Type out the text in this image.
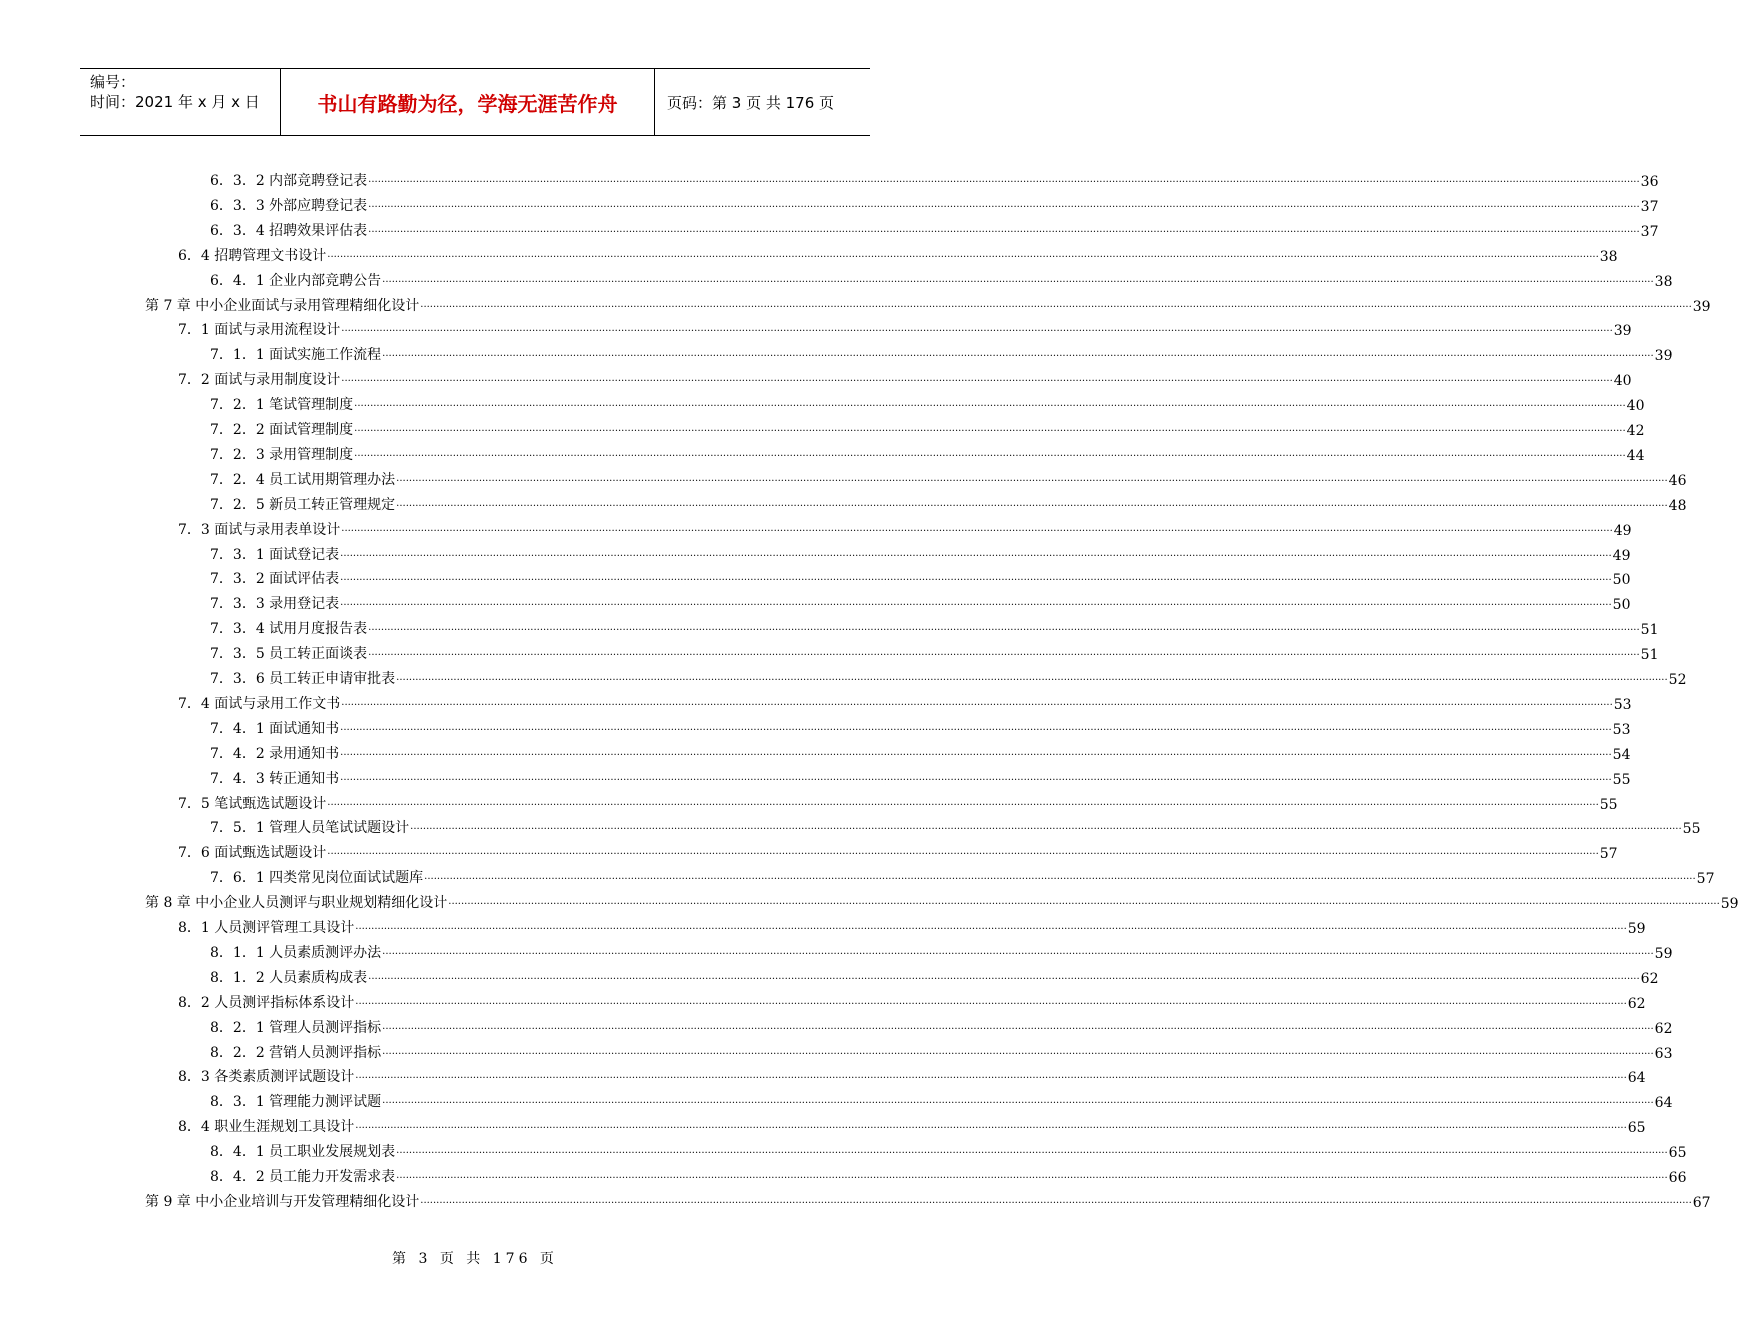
编号：
时间：2021 年 x 月 x 日	书山有路勤为径，学海无涯苦作舟	页码：第 3 页 共 176 页
6．3．2 内部竞聘登记表 ................................................................................................................................................................................................................................................................................................................................................................................................................ 36
6．3．3 外部应聘登记表 ................................................................................................................................................................................................................................................................................................................................................................................................................ 37
6．3．4 招聘效果评估表 ................................................................................................................................................................................................................................................................................................................................................................................................................ 37
6．4 招聘管理文书设计 ................................................................................................................................................................................................................................................................................................................................................................................................................ 38
6．4．1 企业内部竞聘公告 ................................................................................................................................................................................................................................................................................................................................................................................................................ 38
第 7 章 中小企业面试与录用管理精细化设计 ................................................................................................................................................................................................................................................................................................................................................................................................................ 39
7．1 面试与录用流程设计 ................................................................................................................................................................................................................................................................................................................................................................................................................ 39
7．1．1 面试实施工作流程 ................................................................................................................................................................................................................................................................................................................................................................................................................ 39
7．2 面试与录用制度设计 ................................................................................................................................................................................................................................................................................................................................................................................................................ 40
7．2．1 笔试管理制度 ................................................................................................................................................................................................................................................................................................................................................................................................................ 40
7．2．2 面试管理制度 ................................................................................................................................................................................................................................................................................................................................................................................................................ 42
7．2．3 录用管理制度 ................................................................................................................................................................................................................................................................................................................................................................................................................ 44
7．2．4 员工试用期管理办法 ................................................................................................................................................................................................................................................................................................................................................................................................................ 46
7．2．5 新员工转正管理规定 ................................................................................................................................................................................................................................................................................................................................................................................................................ 48
7．3 面试与录用表单设计 ................................................................................................................................................................................................................................................................................................................................................................................................................ 49
7．3．1 面试登记表 ................................................................................................................................................................................................................................................................................................................................................................................................................ 49
7．3．2 面试评估表 ................................................................................................................................................................................................................................................................................................................................................................................................................ 50
7．3．3 录用登记表 ................................................................................................................................................................................................................................................................................................................................................................................................................ 50
7．3．4 试用月度报告表 ................................................................................................................................................................................................................................................................................................................................................................................................................ 51
7．3．5 员工转正面谈表 ................................................................................................................................................................................................................................................................................................................................................................................................................ 51
7．3．6 员工转正申请审批表 ................................................................................................................................................................................................................................................................................................................................................................................................................ 52
7．4 面试与录用工作文书 ................................................................................................................................................................................................................................................................................................................................................................................................................ 53
7．4．1 面试通知书 ................................................................................................................................................................................................................................................................................................................................................................................................................ 53
7．4．2 录用通知书 ................................................................................................................................................................................................................................................................................................................................................................................................................ 54
7．4．3 转正通知书 ................................................................................................................................................................................................................................................................................................................................................................................................................ 55
7．5 笔试甄选试题设计 ................................................................................................................................................................................................................................................................................................................................................................................................................ 55
7．5．1 管理人员笔试试题设计 ................................................................................................................................................................................................................................................................................................................................................................................................................ 55
7．6 面试甄选试题设计 ................................................................................................................................................................................................................................................................................................................................................................................................................ 57
7．6．1 四类常见岗位面试试题库 ................................................................................................................................................................................................................................................................................................................................................................................................................ 57
第 8 章 中小企业人员测评与职业规划精细化设计 ................................................................................................................................................................................................................................................................................................................................................................................................................ 59
8．1 人员测评管理工具设计 ................................................................................................................................................................................................................................................................................................................................................................................................................ 59
8．1．1 人员素质测评办法 ................................................................................................................................................................................................................................................................................................................................................................................................................ 59
8．1．2 人员素质构成表 ................................................................................................................................................................................................................................................................................................................................................................................................................ 62
8．2 人员测评指标体系设计 ................................................................................................................................................................................................................................................................................................................................................................................................................ 62
8．2．1 管理人员测评指标 ................................................................................................................................................................................................................................................................................................................................................................................................................ 62
8．2．2 营销人员测评指标 ................................................................................................................................................................................................................................................................................................................................................................................................................ 63
8．3 各类素质测评试题设计 ................................................................................................................................................................................................................................................................................................................................................................................................................ 64
8．3．1 管理能力测评试题 ................................................................................................................................................................................................................................................................................................................................................................................................................ 64
8．4 职业生涯规划工具设计 ................................................................................................................................................................................................................................................................................................................................................................................................................ 65
8．4．1 员工职业发展规划表 ................................................................................................................................................................................................................................................................................................................................................................................................................ 65
8．4．2 员工能力开发需求表 ................................................................................................................................................................................................................................................................................................................................................................................................................ 66
第 9 章 中小企业培训与开发管理精细化设计 ................................................................................................................................................................................................................................................................................................................................................................................................................ 67
第 3 页 共 176 页
